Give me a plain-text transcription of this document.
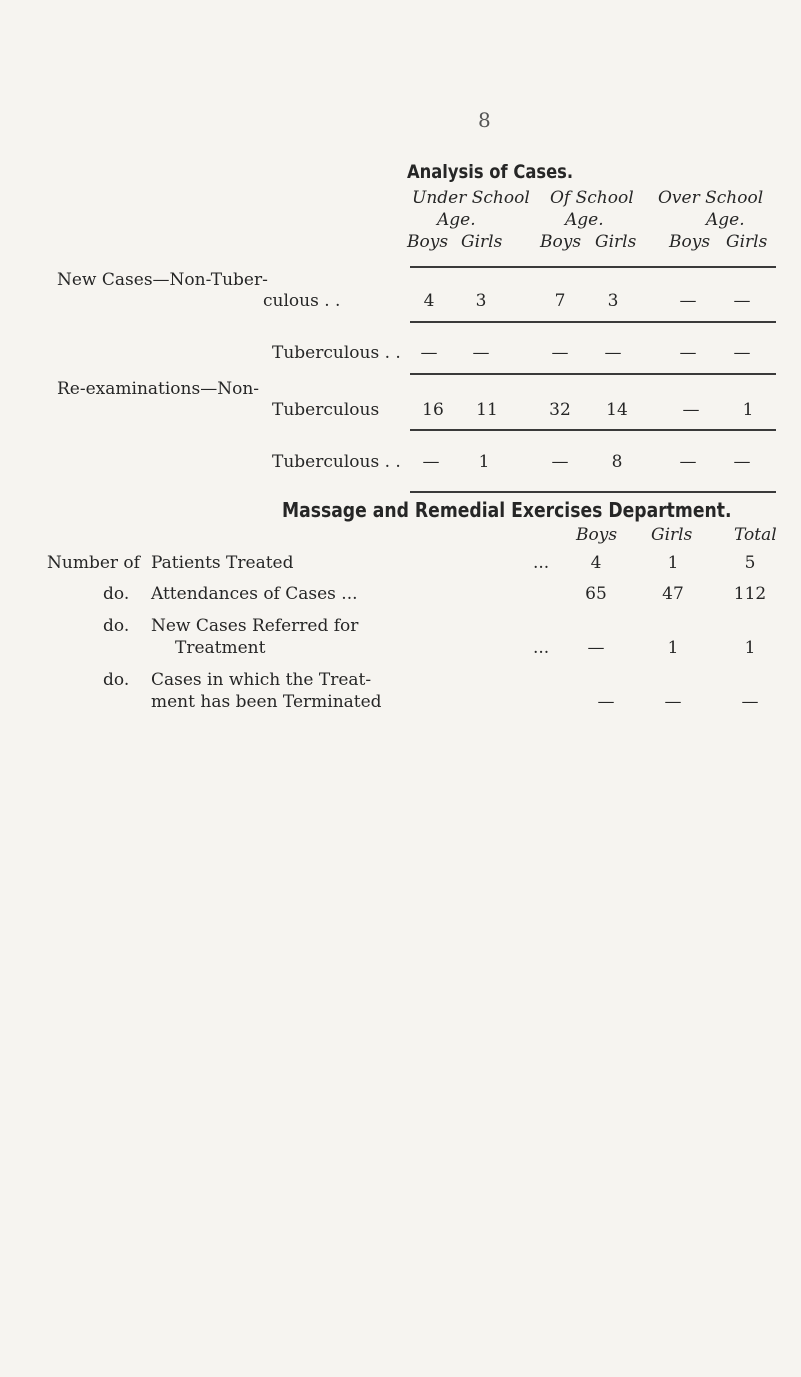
8
Analysis of Cases.
Under School
Age.
Of School
Age.
Over School
Age.
Boys Girls Boys Girls Boys Girls
New Cases—Non-Tuber-
culous . .	4 3	7 3	— —
Tuberculous . . — —	— —	— —
Re-examinations—Non-
Tuberculous	16 11	32 14	—	1
Tuberculous . . — 1	—	8	— —
Massage and Remedial Exercises Department.
Boys Girls Total
Number of Patients Treated	... 4	1	5
do. Attendances of Cases ...	65	47	112
do. New Cases Referred for
Treatment	... —	1	1
do. Cases in which the Treat-
ment has been Terminated	—	—	—
